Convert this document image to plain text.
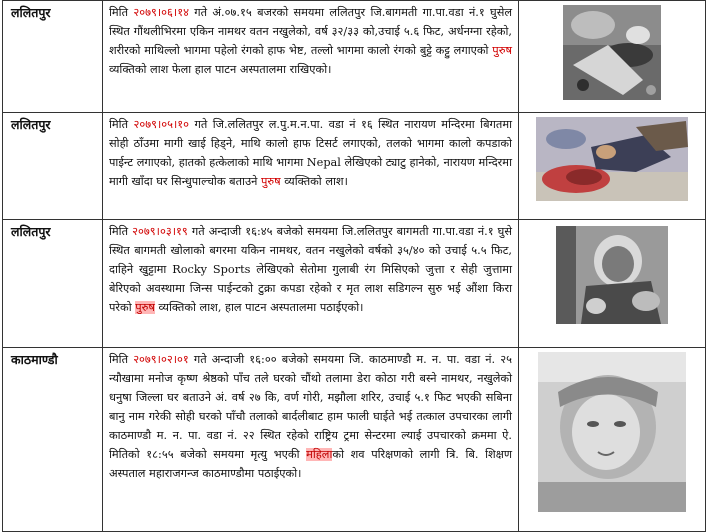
ललितपुर	मिति २०७९।०६।१४ गते अं.०७.१५ बजरको समयमा ललितपुर जि.बागमती गा.पा.वडा नं.१ घुसेल स्थित गौंथलीभिरमा एकिन नामथर वतन नखुलेको, वर्ष ३२/३३ को,उचाई ५.६ फिट, अर्धनग्ना रहेको, शरीरको माथिल्लो भागमा पहेलो रंगको हाफ भेष्ट, तल्लो भागमा कालो रंगको बुट्टे कट्टु लगाएको पुरुष व्यक्तिको लाश फेला हाल पाटन अस्पतालमा राखिएको।	

ललितपुर	मिति २०७९।०५।१० गते जि.ललितपुर ल.पु.म.न.पा. वडा नं १६ स्थित नारायण मन्दिरमा बिगतमा सोही ठाँउमा मागी खाई हिड्ने, माथि कालो हाफ टिसर्ट लगाएको, तलको भागमा कालो कपडाको पाईन्ट लगाएको, हातको हत्केलाको माथि भागमा Nepal लेखिएको ट्याटु हानेको, नारायण मन्दिरमा मागी खाँदा घर सिन्धुपाल्चोक बताउने पुरुष व्यक्तिको लाश।	

ललितपुर	मिति २०७९।०३।१९ गते अन्दाजी १६:४५ बजेको समयमा जि.ललितपुर बागमती गा.पा.वडा नं.१ घुसे स्थित बागमती खोलाको बगरमा यकिन नामथर, वतन नखुलेको वर्षको ३५/४० को उचाई ५.५ फिट, दाहिने खुट्टामा Rocky Sports लेखिएको सेतोमा गुलाबी रंग मिसिएको जुत्ता र सेही जुत्तामा बेरिएको अवस्थामा जिन्स पाईन्टको टुक्रा कपडा रहेको र मृत लाश सडिगल्न सुरु भई औंशा किरा परेको पुरुष व्यक्तिको लाश, हाल पाटन अस्पतालमा पठाईएको।	

काठमाण्डौ	मिति २०७९।०२।०१ गते अन्दाजी १६:०० बजेको समयमा जि. काठमाण्डौ म. न. पा. वडा नं. २५ न्यौखामा मनोज कृष्ण श्रेष्ठको पाँच तले घरको चौंथो तलामा डेरा कोठा गरी बस्ने नामथर, नखुलेको धनुषा जिल्ला घर बताउने अं. वर्ष २७ कि, वर्ण गोरी, मझौला शरिर, उचाई ५.१ फिट भएकी सबिना बानु नाम गरेकी सोही घरको पाँचौ तलाको बार्दलीबाट हाम फाली घाईते भई तत्काल उपचारका लागी काठमाण्डौ म. न. पा. वडा नं. २२ स्थित रहेको राष्ट्रिय ट्रमा सेन्टरमा ल्याई उपचारको क्रममा ऐ. मितिको १८:५५ बजेको समयमा मृत्यु भएकी महिलाको शव परिक्षणको लागी त्रि. बि. शिक्षण अस्पताल महाराजगन्ज काठमाण्डौमा पठाईएको।	
